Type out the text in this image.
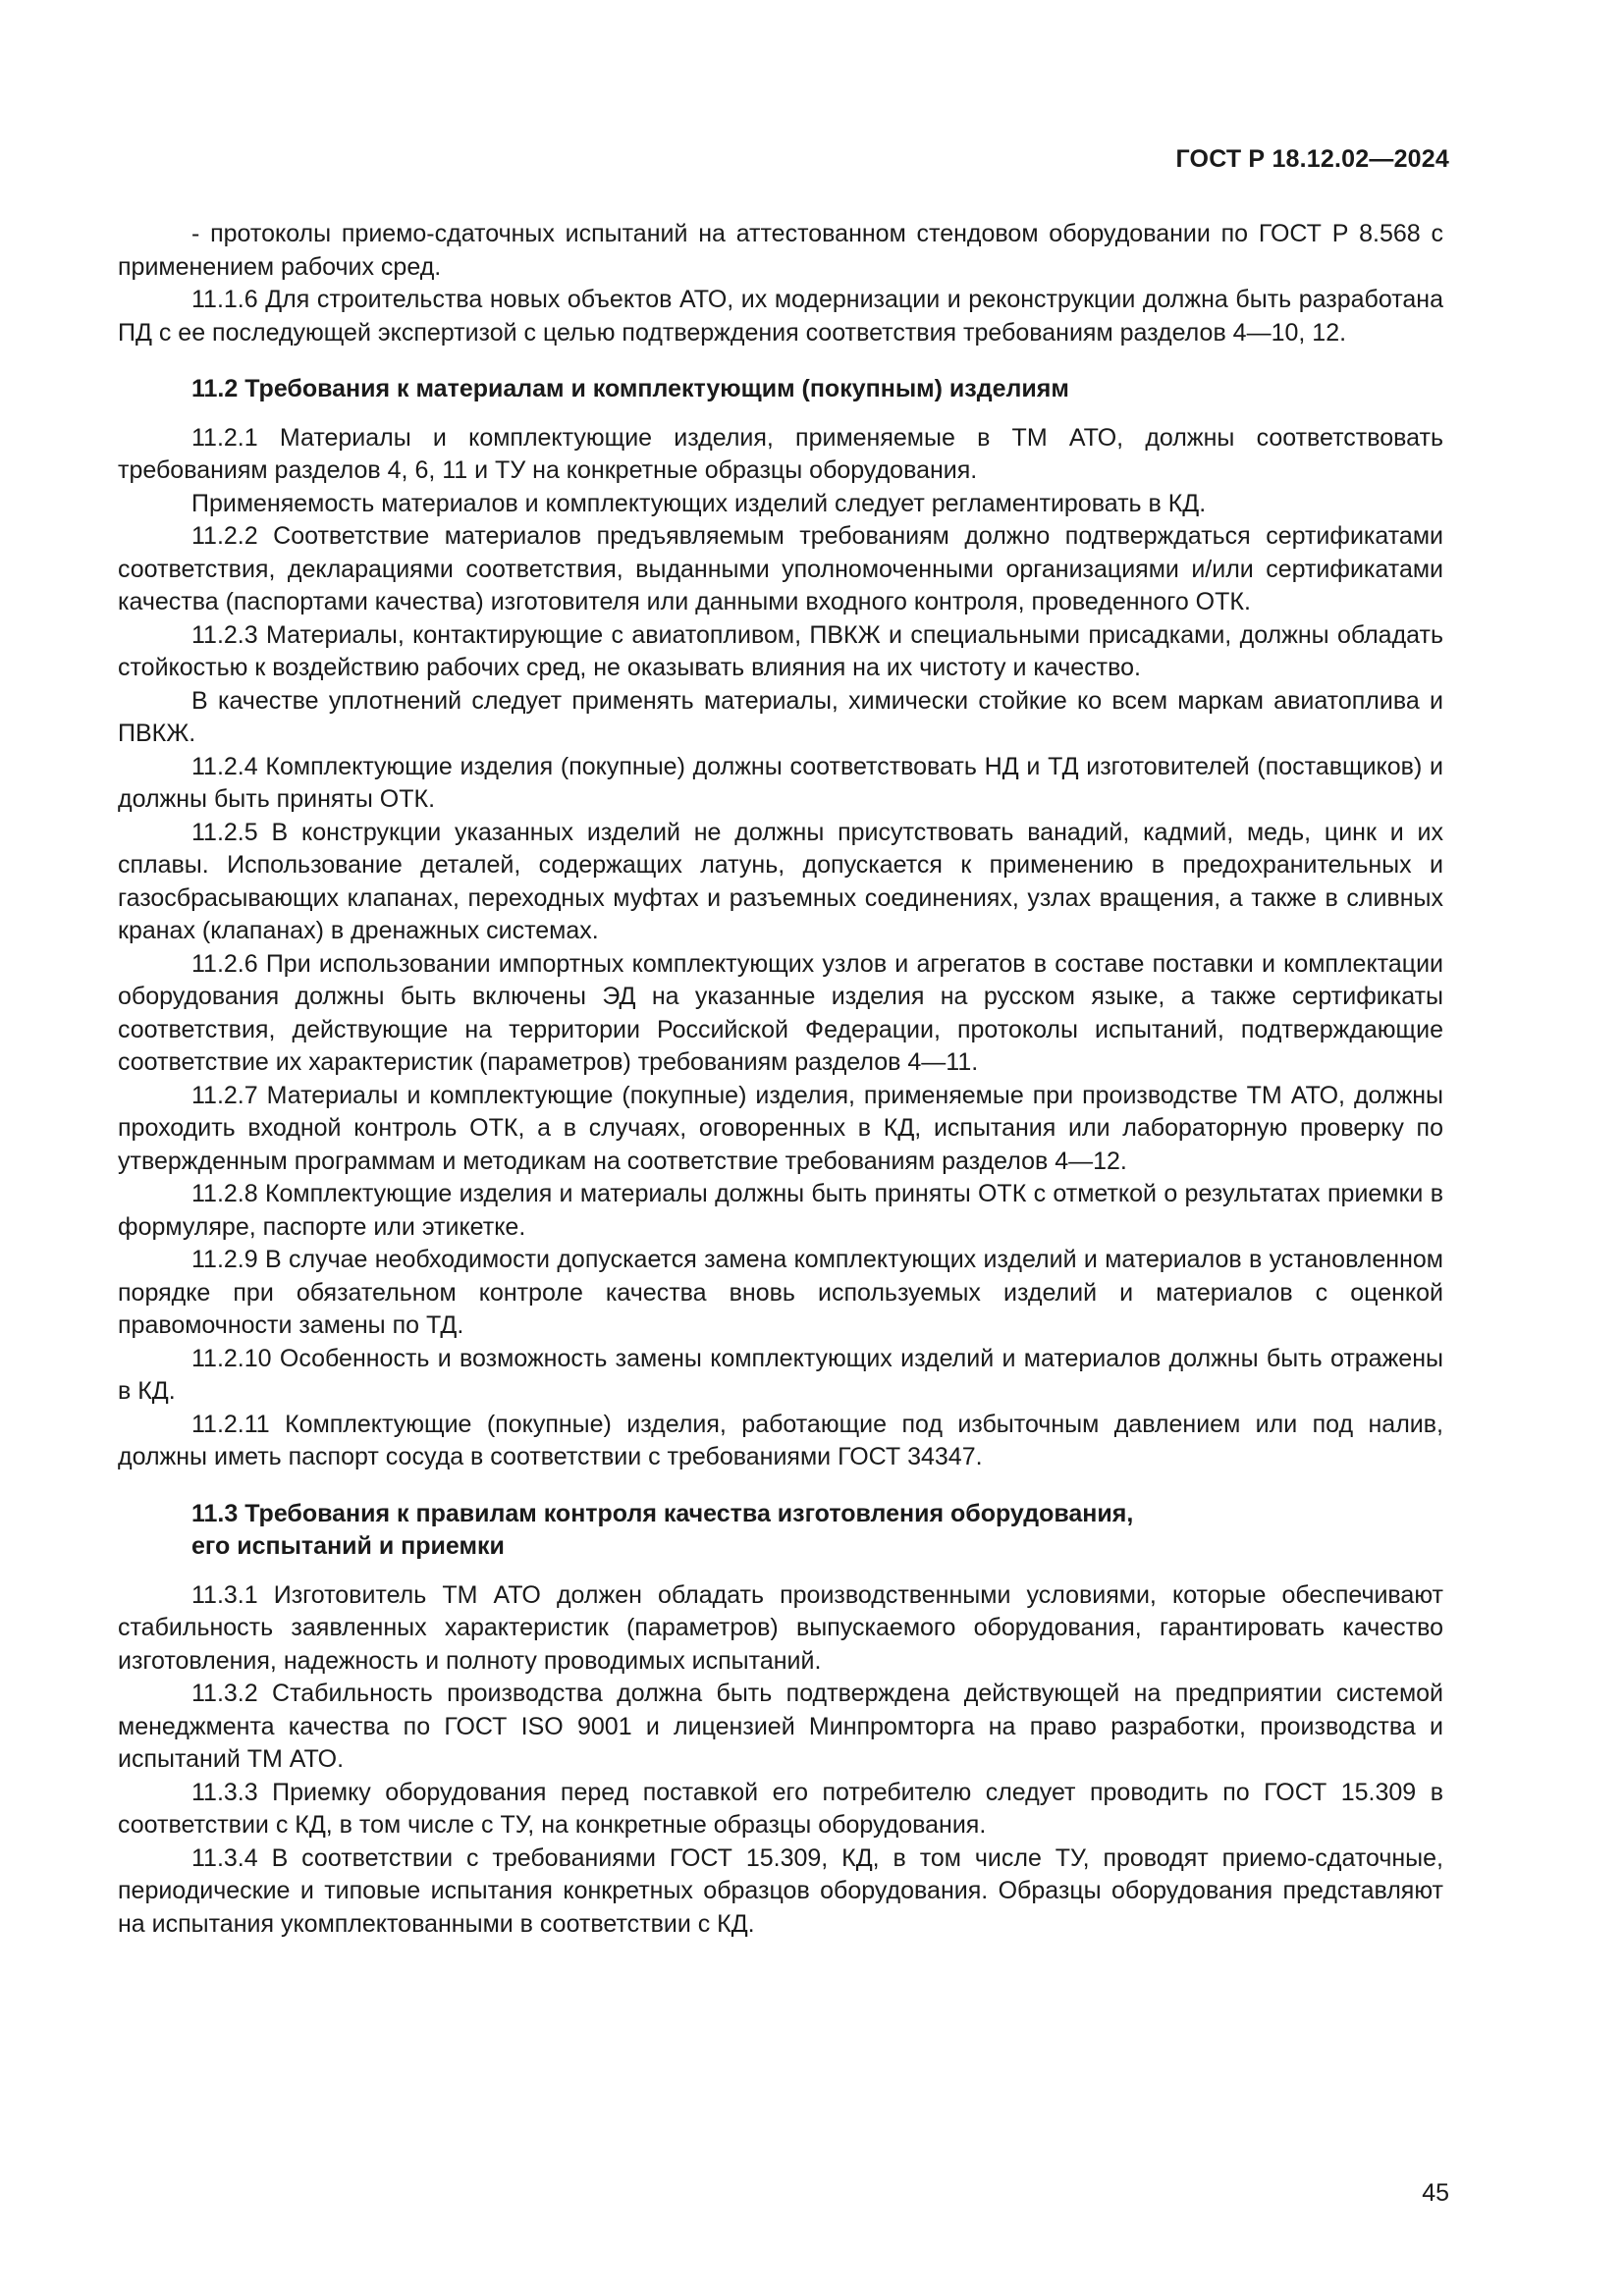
ГОСТ Р 18.12.02—2024

- протоколы приемо-сдаточных испытаний на аттестованном стендовом оборудовании по ГОСТ Р 8.568 с применением рабочих сред.

11.1.6 Для строительства новых объектов АТО, их модернизации и реконструкции должна быть разработана ПД с ее последующей экспертизой с целью подтверждения соответствия требованиям разделов 4—10, 12.

11.2 Требования к материалам и комплектующим (покупным) изделиям

11.2.1 Материалы и комплектующие изделия, применяемые в ТМ АТО, должны соответствовать требованиям разделов 4, 6, 11 и ТУ на конкретные образцы оборудования.

Применяемость материалов и комплектующих изделий следует регламентировать в КД.

11.2.2 Соответствие материалов предъявляемым требованиям должно подтверждаться сертификатами соответствия, декларациями соответствия, выданными уполномоченными организациями и/или сертификатами качества (паспортами качества) изготовителя или данными входного контроля, проведенного ОТК.

11.2.3 Материалы, контактирующие с авиатопливом, ПВКЖ и специальными присадками, должны обладать стойкостью к воздействию рабочих сред, не оказывать влияния на их чистоту и качество.

В качестве уплотнений следует применять материалы, химически стойкие ко всем маркам авиатоплива и ПВКЖ.

11.2.4 Комплектующие изделия (покупные) должны соответствовать НД и ТД изготовителей (поставщиков) и должны быть приняты ОТК.

11.2.5 В конструкции указанных изделий не должны присутствовать ванадий, кадмий, медь, цинк и их сплавы. Использование деталей, содержащих латунь, допускается к применению в предохранительных и газосбрасывающих клапанах, переходных муфтах и разъемных соединениях, узлах вращения, а также в сливных кранах (клапанах) в дренажных системах.

11.2.6 При использовании импортных комплектующих узлов и агрегатов в составе поставки и комплектации оборудования должны быть включены ЭД на указанные изделия на русском языке, а также сертификаты соответствия, действующие на территории Российской Федерации, протоколы испытаний, подтверждающие соответствие их характеристик (параметров) требованиям разделов 4—11.

11.2.7 Материалы и комплектующие (покупные) изделия, применяемые при производстве ТМ АТО, должны проходить входной контроль ОТК, а в случаях, оговоренных в КД, испытания или лабораторную проверку по утвержденным программам и методикам на соответствие требованиям разделов 4—12.

11.2.8 Комплектующие изделия и материалы должны быть приняты ОТК с отметкой о результатах приемки в формуляре, паспорте или этикетке.

11.2.9 В случае необходимости допускается замена комплектующих изделий и материалов в установленном порядке при обязательном контроле качества вновь используемых изделий и материалов с оценкой правомочности замены по ТД.

11.2.10 Особенность и возможность замены комплектующих изделий и материалов должны быть отражены в КД.

11.2.11 Комплектующие (покупные) изделия, работающие под избыточным давлением или под налив, должны иметь паспорт сосуда в соответствии с требованиями ГОСТ 34347.

11.3 Требования к правилам контроля качества изготовления оборудования,
его испытаний и приемки

11.3.1 Изготовитель ТМ АТО должен обладать производственными условиями, которые обеспечивают стабильность заявленных характеристик (параметров) выпускаемого оборудования, гарантировать качество изготовления, надежность и полноту проводимых испытаний.

11.3.2 Стабильность производства должна быть подтверждена действующей на предприятии системой менеджмента качества по ГОСТ ISO 9001 и лицензией Минпромторга на право разработки, производства и испытаний ТМ АТО.

11.3.3 Приемку оборудования перед поставкой его потребителю следует проводить по ГОСТ 15.309 в соответствии с КД, в том числе с ТУ, на конкретные образцы оборудования.

11.3.4 В соответствии с требованиями ГОСТ 15.309, КД, в том числе ТУ, проводят приемо-сдаточные, периодические и типовые испытания конкретных образцов оборудования. Образцы оборудования представляют на испытания укомплектованными в соответствии с КД.

45
